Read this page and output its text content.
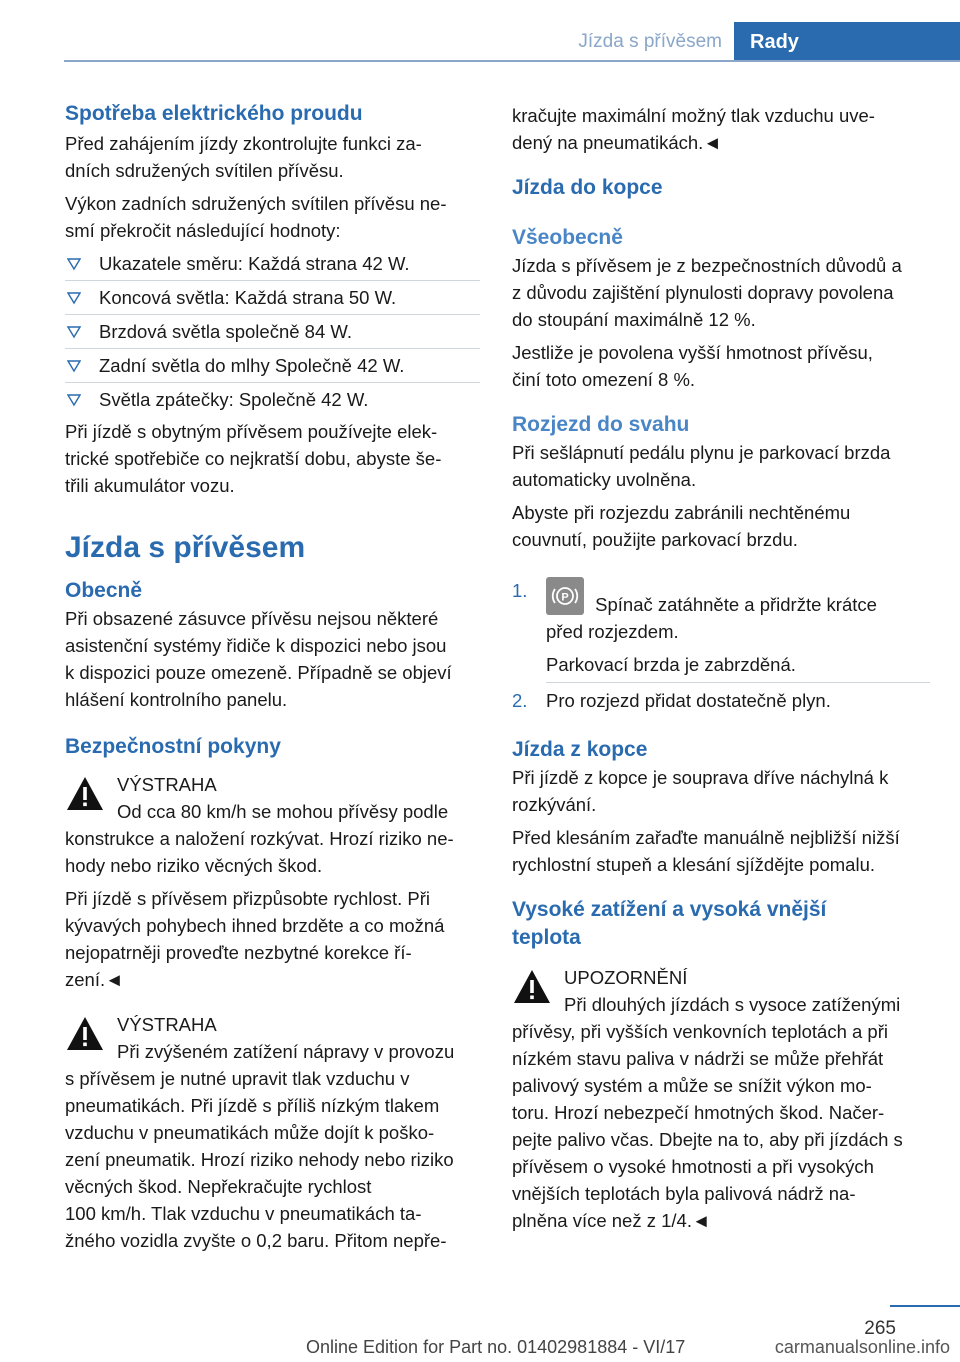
Jízda s přívěsem	Rady
Spotřeba elektrického proudu

Před zahájením jízdy zkontrolujte funkci za-
dních sdružených svítilen přívěsu.

Výkon zadních sdružených svítilen přívěsu ne-
smí překročit následující hodnoty:

Ukazatele směru: Každá strana 42 W.
Koncová světla: Každá strana 50 W.
Brzdová světla společně 84 W.
Zadní světla do mlhy Společně 42 W.
Světla zpátečky: Společně 42 W.

Při jízdě s obytným přívěsem používejte elek-
trické spotřebiče co nejkratší dobu, abyste še-
třili akumulátor vozu.

Jízda s přívěsem
Obecně

Při obsazené zásuvce přívěsu nejsou některé
asistenční systémy řidiče k dispozici nebo jsou
k dispozici pouze omezeně. Případně se objeví
hlášení kontrolního panelu.

Bezpečnostní pokyny
VÝSTRAHA
Od cca 80 km/h se mohou přívěsy podle

konstrukce a naložení rozkývat. Hrozí riziko ne-
hody nebo riziko věcných škod.

Při jízdě s přívěsem přizpůsobte rychlost. Při
kývavých pohybech ihned brzděte a co možná
nejopatrněji proveďte nezbytné korekce ří-
zení.◄

VÝSTRAHA
Při zvýšeném zatížení nápravy v provozu

s přívěsem je nutné upravit tlak vzduchu v
pneumatikách. Při jízdě s příliš nízkým tlakem
vzduchu v pneumatikách může dojít k poško-
zení pneumatik. Hrozí riziko nehody nebo riziko
věcných škod. Nepřekračujte rychlost
100 km/h. Tlak vzduchu v pneumatikách ta-
žného vozidla zvyšte o 0,2 baru. Přitom nepře-

kračujte maximální možný tlak vzduchu uve-
dený na pneumatikách.◄

Jízda do kopce
Všeobecně

Jízda s přívěsem je z bezpečnostních důvodů a
z důvodu zajištění plynulosti dopravy povolena
do stoupání maximálně 12 %.

Jestliže je povolena vyšší hmotnost přívěsu,
činí toto omezení 8 %.

Rozjezd do svahu

Při sešlápnutí pedálu plynu je parkovací brzda
automaticky uvolněna.

Abyste při rozjezdu zabránili nechtěnému
couvnutí, použijte parkovací brzdu.

1.	P Spínač zatáhněte a přidržte krátce
před rozjezdem.
Parkovací brzda je zabrzděná.
2. Pro rozjezd přidat dostatečně plyn.
Jízda z kopce

Při jízdě z kopce je souprava dříve náchylná k
rozkývání.

Před klesáním zařaďte manuálně nejbližší nižší
rychlostní stupeň a klesání sjíždějte pomalu.

Vysoké zatížení a vysoká vnější
teplota
UPOZORNĚNÍ
Při dlouhých jízdách s vysoce zatíženými

přívěsy, při vyšších venkovních teplotách a při
nízkém stavu paliva v nádrži se může přehřát
palivový systém a může se snížit výkon mo-
toru. Hrozí nebezpečí hmotných škod. Načer-
pejte palivo včas. Dbejte na to, aby při jízdách s
přívěsem o vysoké hmotnosti a při vysokých
vnějších teplotách byla palivová nádrž na-
plněna více než z 1/4.◄

265
Online Edition for Part no. 01402981884 - VI/17	carmanualsonline.info
